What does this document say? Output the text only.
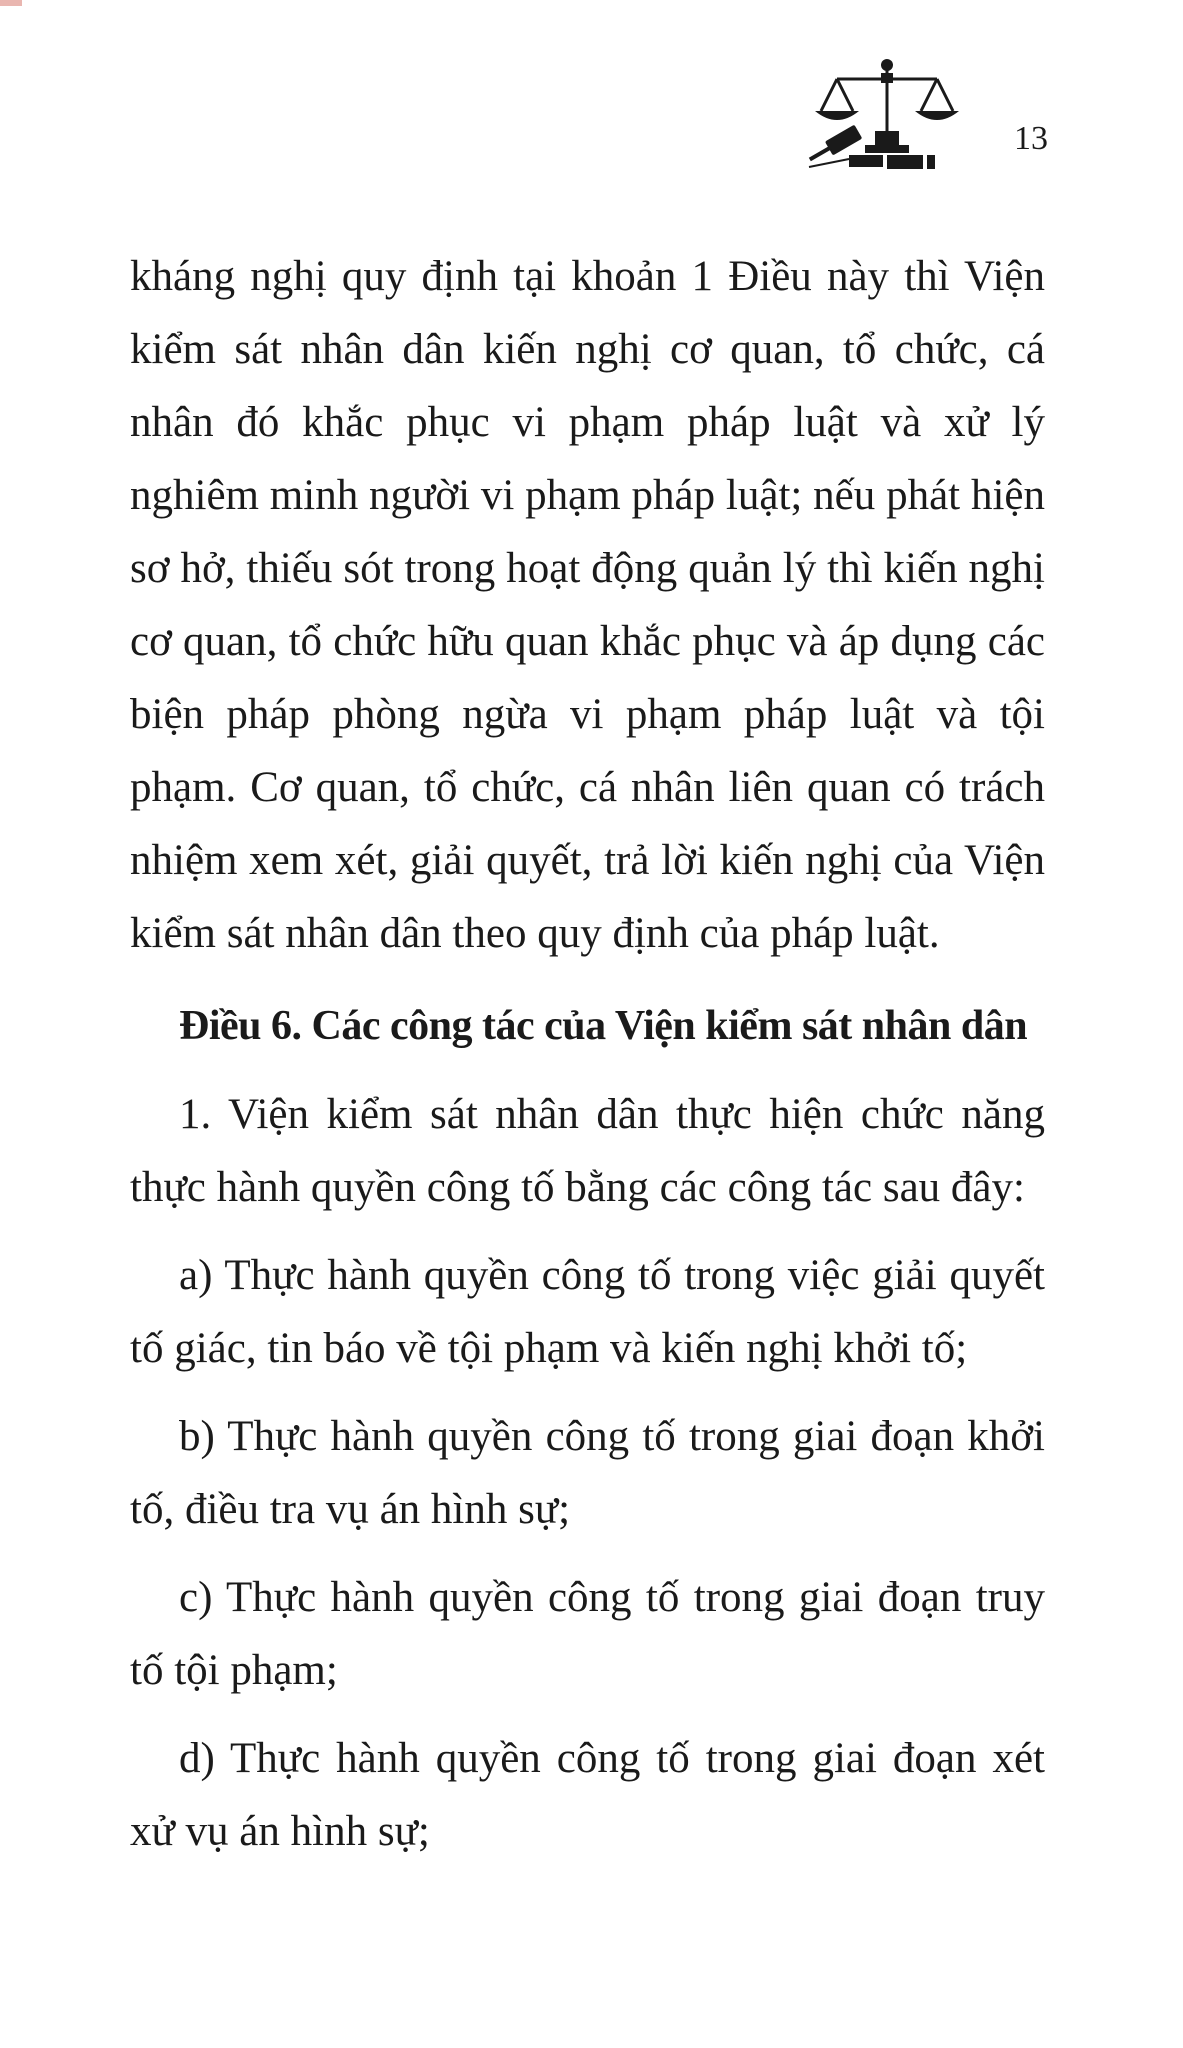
13

kháng nghị quy định tại khoản 1 Điều này thì Viện kiểm sát nhân dân kiến nghị cơ quan, tổ chức, cá nhân đó khắc phục vi phạm pháp luật và xử lý nghiêm minh người vi phạm pháp luật; nếu phát hiện sơ hở, thiếu sót trong hoạt động quản lý thì kiến nghị cơ quan, tổ chức hữu quan khắc phục và áp dụng các biện pháp phòng ngừa vi phạm pháp luật và tội phạm. Cơ quan, tổ chức, cá nhân liên quan có trách nhiệm xem xét, giải quyết, trả lời kiến nghị của Viện kiểm sát nhân dân theo quy định của pháp luật.

Điều 6. Các công tác của Viện kiểm sát nhân dân

1. Viện kiểm sát nhân dân thực hiện chức năng thực hành quyền công tố bằng các công tác sau đây:

a) Thực hành quyền công tố trong việc giải quyết tố giác, tin báo về tội phạm và kiến nghị khởi tố;

b) Thực hành quyền công tố trong giai đoạn khởi tố, điều tra vụ án hình sự;

c) Thực hành quyền công tố trong giai đoạn truy tố tội phạm;

d) Thực hành quyền công tố trong giai đoạn xét xử vụ án hình sự;
